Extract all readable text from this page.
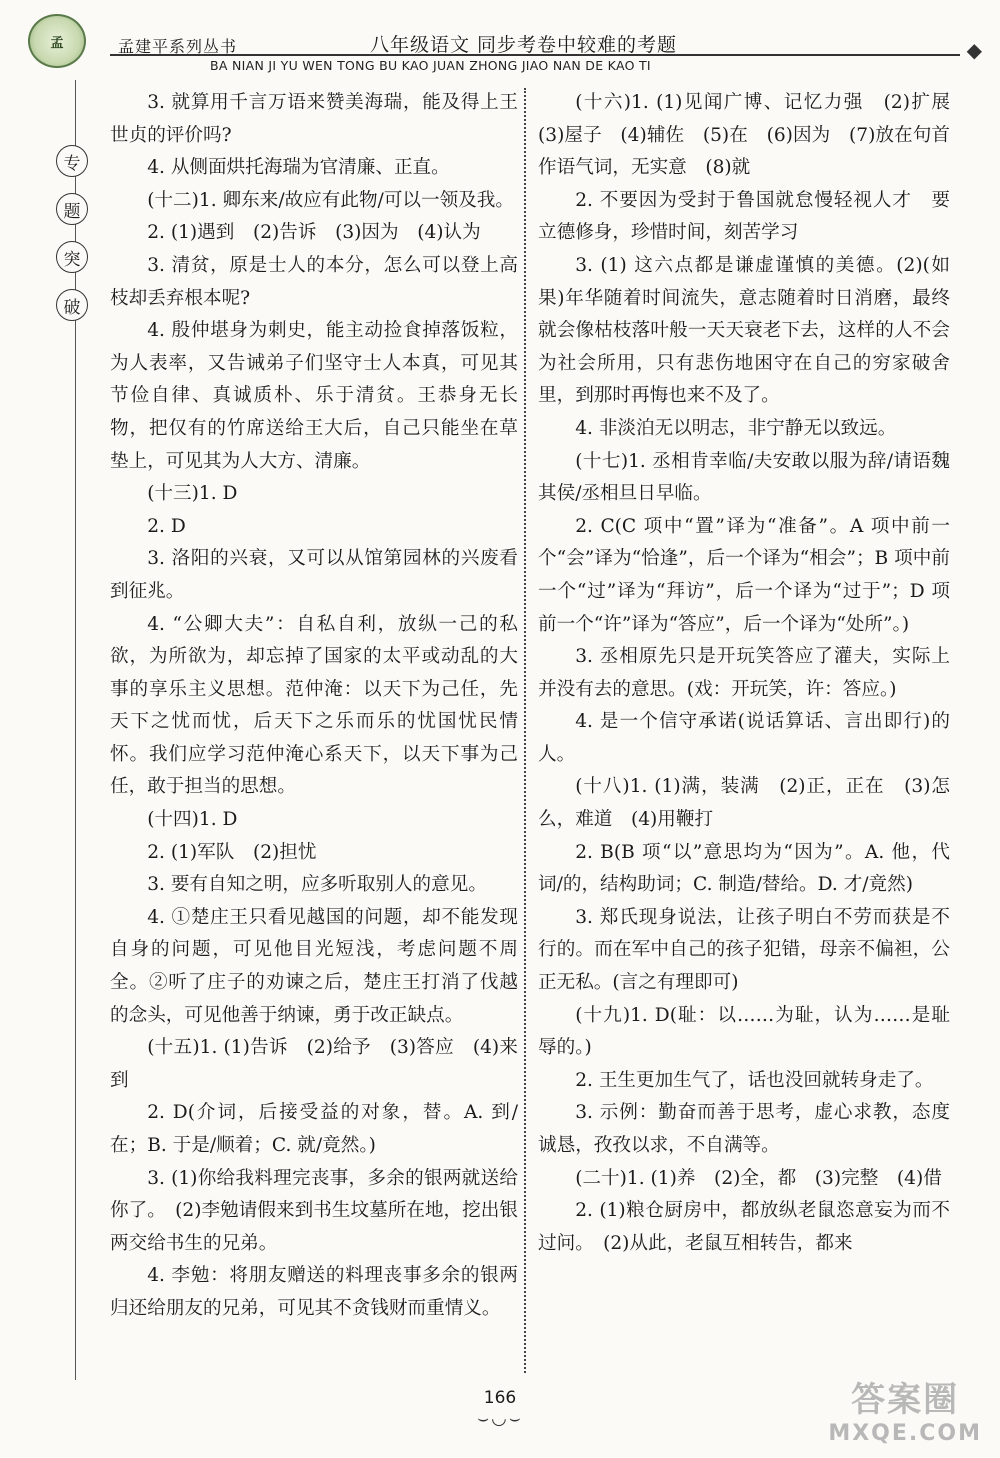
孟	孟建平系列丛书	八年级语文 同步考卷中较难的考题
BA NIAN JI YU WEN TONG BU KAO JUAN ZHONG JIAO NAN DE KAO TI
◆
专
题
突
破

3. 就算用千言万语来赞美海瑞，能及得上王世贞的评价吗?

4. 从侧面烘托海瑞为官清廉、正直。

(十二)1. 卿东来/故应有此物/可以一领及我。

2. (1)遇到　(2)告诉　(3)因为　(4)认为

3. 清贫，原是士人的本分，怎么可以登上高枝却丢弃根本呢?

4. 殷仲堪身为刺史，能主动捡食掉落饭粒，为人表率，又告诫弟子们坚守士人本真，可见其节俭自律、真诚质朴、乐于清贫。王恭身无长物，把仅有的竹席送给王大后，自己只能坐在草垫上，可见其为人大方、清廉。

(十三)1. D

2. D

3. 洛阳的兴衰，又可以从馆第园林的兴废看到征兆。

4. “公卿大夫”：自私自利，放纵一己的私欲，为所欲为，却忘掉了国家的太平或动乱的大事的享乐主义思想。范仲淹：以天下为己任，先天下之忧而忧，后天下之乐而乐的忧国忧民情怀。我们应学习范仲淹心系天下，以天下事为己任，敢于担当的思想。

(十四)1. D

2. (1)军队　(2)担忧

3. 要有自知之明，应多听取别人的意见。

4. ①楚庄王只看见越国的问题，却不能发现自身的问题，可见他目光短浅，考虑问题不周全。②听了庄子的劝谏之后，楚庄王打消了伐越的念头，可见他善于纳谏，勇于改正缺点。

(十五)1. (1)告诉　(2)给予　(3)答应　(4)来到

2. D(介词，后接受益的对象，替。A. 到/在；B. 于是/顺着；C. 就/竟然。)

3. (1)你给我料理完丧事，多余的银两就送给你了。　(2)李勉请假来到书生坟墓所在地，挖出银两交给书生的兄弟。

4. 李勉：将朋友赠送的料理丧事多余的银两归还给朋友的兄弟，可见其不贪钱财而重情义。

(十六)1. (1)见闻广博、记忆力强　(2)扩展　(3)屋子　(4)辅佐　(5)在　(6)因为　(7)放在句首作语气词，无实意　(8)就

2. 不要因为受封于鲁国就怠慢轻视人才　要立德修身，珍惜时间，刻苦学习

3. (1) 这六点都是谦虚谨慎的美德。(2)(如果)年华随着时间流失，意志随着时日消磨，最终就会像枯枝落叶般一天天衰老下去，这样的人不会为社会所用，只有悲伤地困守在自己的穷家破舍里，到那时再悔也来不及了。

4. 非淡泊无以明志，非宁静无以致远。

(十七)1. 丞相肯幸临/夫安敢以服为辞/请语魏其侯/丞相旦日早临。

2. C(C 项中“置”译为“准备”。A 项中前一个“会”译为“恰逢”，后一个译为“相会”；B 项中前一个“过”译为“拜访”，后一个译为“过于”；D 项前一个“许”译为“答应”，后一个译为“处所”。)

3. 丞相原先只是开玩笑答应了灌夫，实际上并没有去的意思。(戏：开玩笑，许：答应。)

4. 是一个信守承诺(说话算话、言出即行)的人。

(十八)1. (1)满，装满　(2)正，正在　(3)怎么，难道　(4)用鞭打

2. B(B 项“以”意思均为“因为”。A. 他，代词/的，结构助词；C. 制造/替给。D. 才/竟然)

3. 郑氏现身说法，让孩子明白不劳而获是不行的。而在军中自己的孩子犯错，母亲不偏袒，公正无私。(言之有理即可)

(十九)1. D(耻：以……为耻，认为……是耻辱的。)

2. 王生更加生气了，话也没回就转身走了。

3. 示例：勤奋而善于思考，虚心求教，态度诚恳，孜孜以求，不自满等。

(二十)1. (1)养　(2)全，都　(3)完整　(4)借

2. (1)粮仓厨房中，都放纵老鼠恣意妄为而不过问。　(2)从此，老鼠互相转告，都来

166
⌣◡⌣	答案圈
MXQE.COM
